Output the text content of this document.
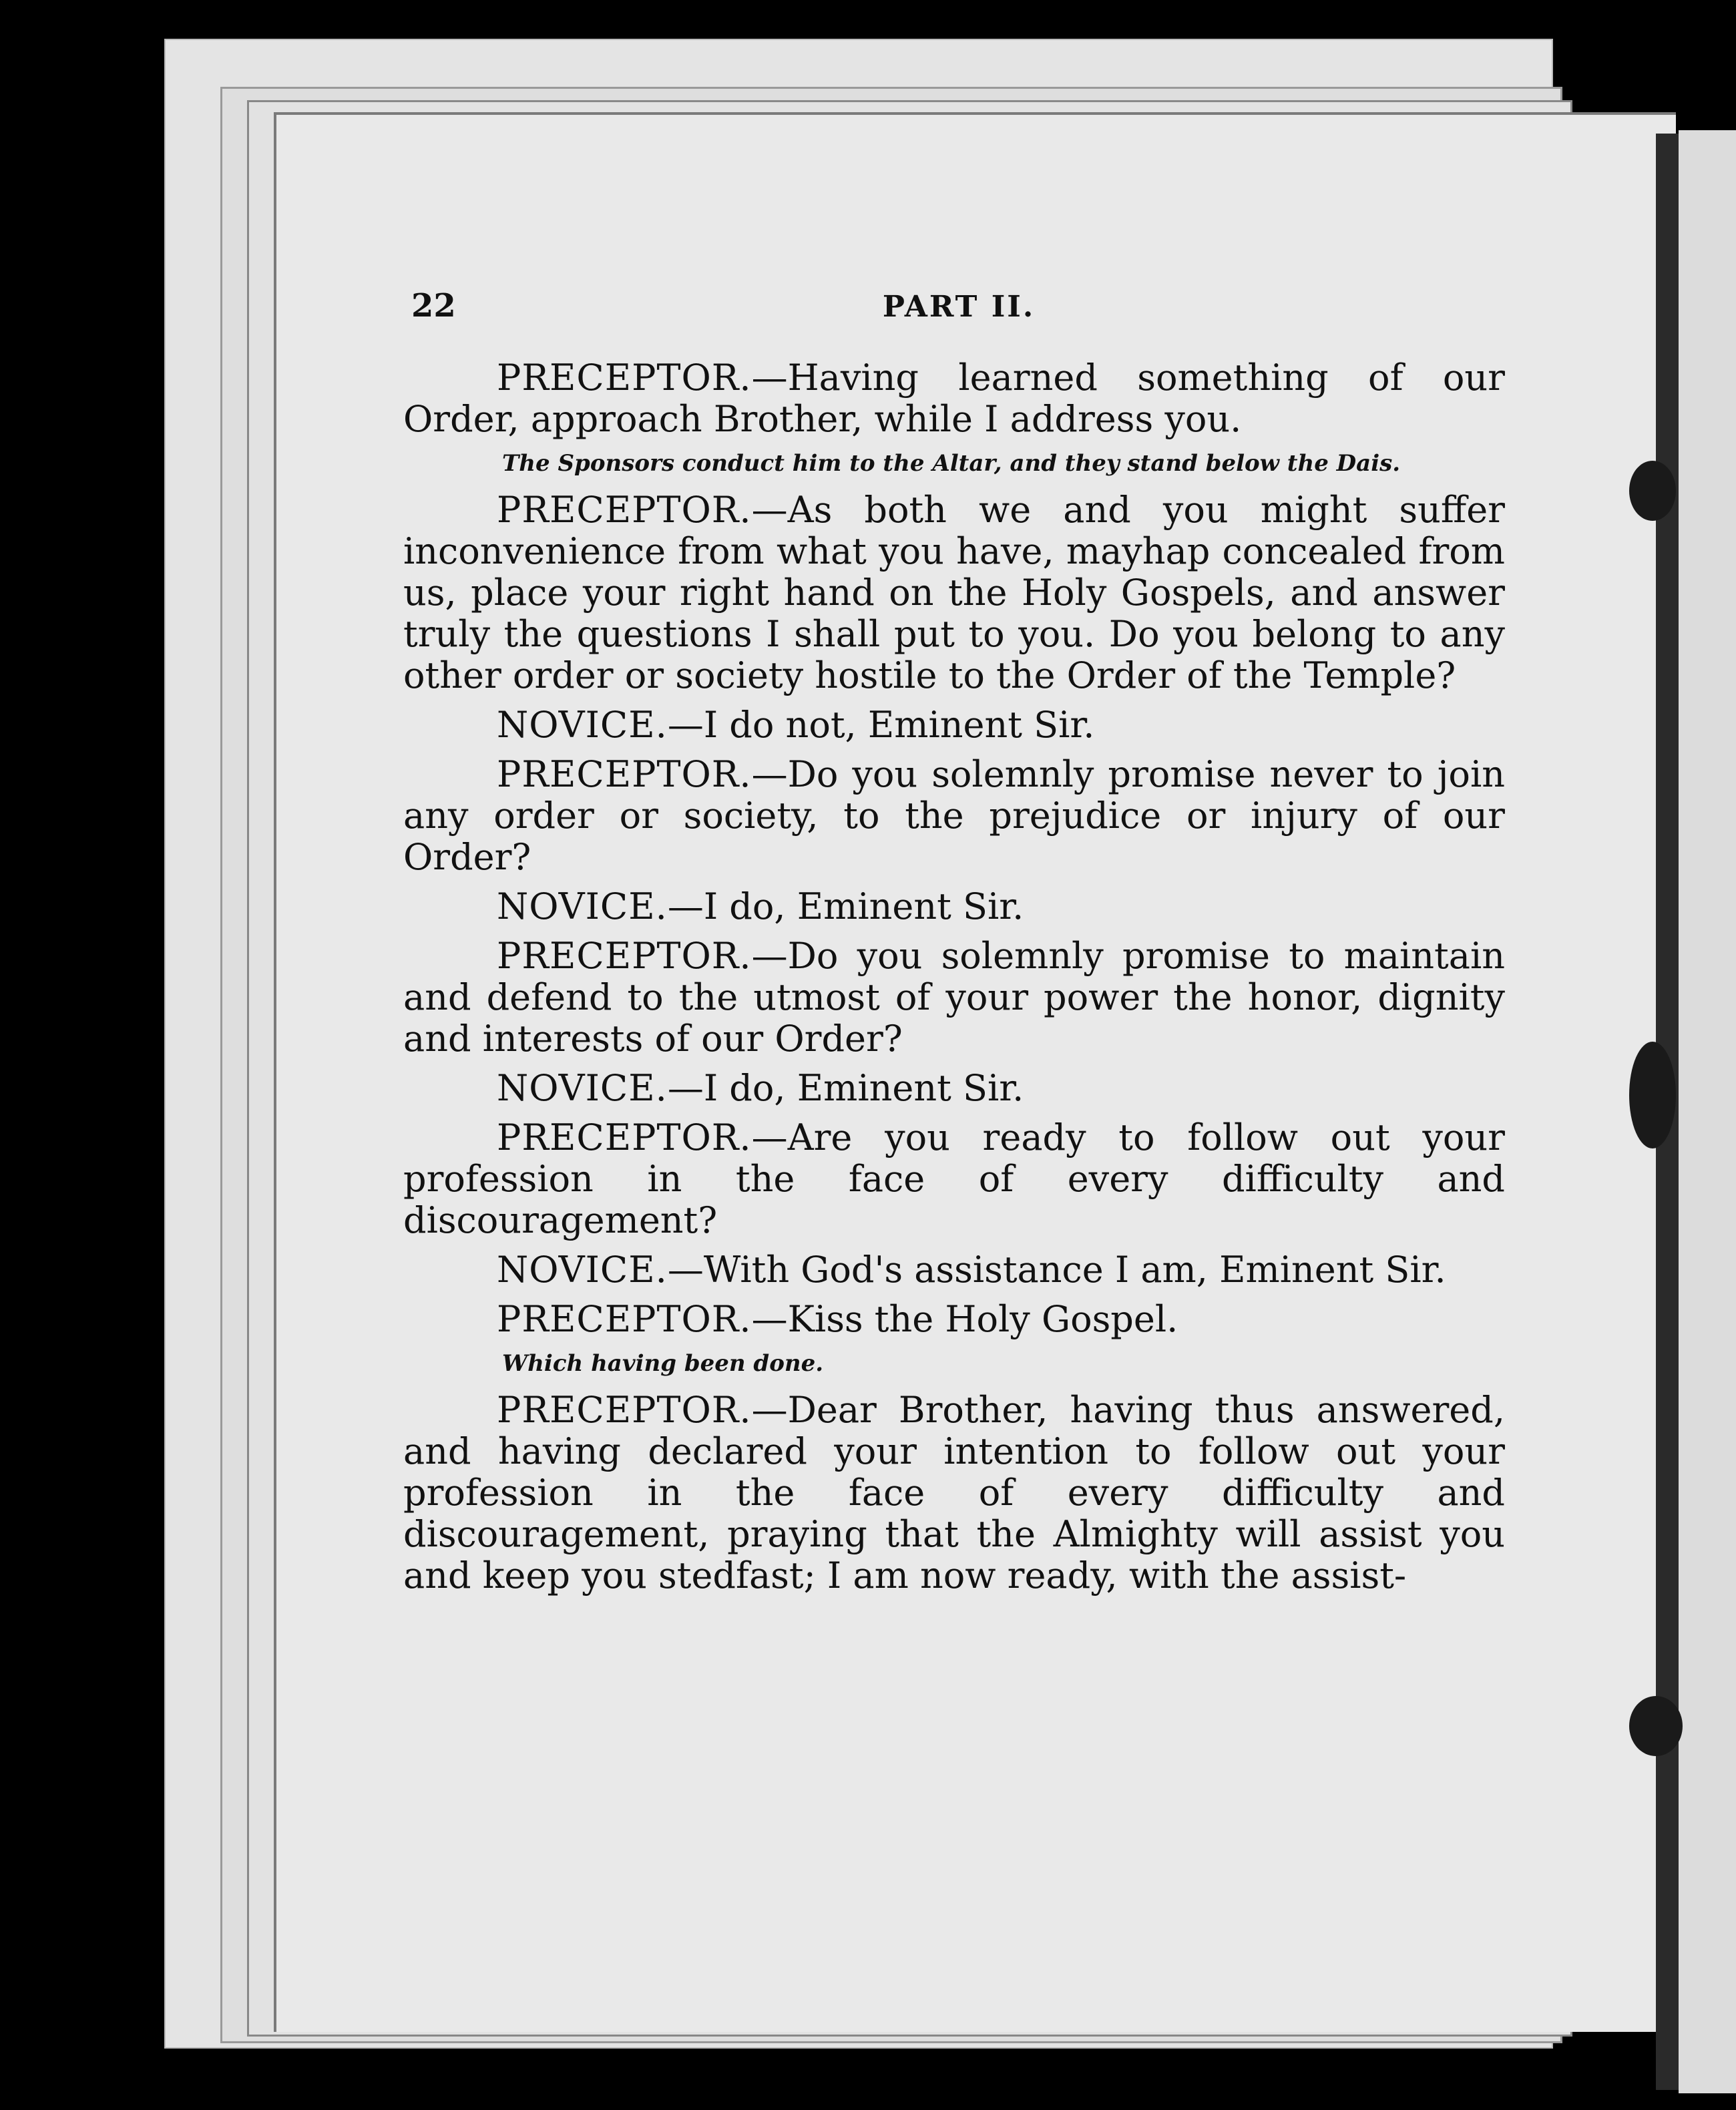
22	PART II.

PRECEPTOR.—Having learned something of our Order, approach Brother, while I address you.

The Sponsors conduct him to the Altar, and they stand below the Dais.

PRECEPTOR.—As both we and you might suffer inconvenience from what you have, mayhap concealed from us, place your right hand on the Holy Gospels, and answer truly the questions I shall put to you. Do you belong to any other order or society hostile to the Order of the Temple?

NOVICE.—I do not, Eminent Sir.

PRECEPTOR.—Do you solemnly promise never to join any order or society, to the prejudice or injury of our Order?

NOVICE.—I do, Eminent Sir.

PRECEPTOR.—Do you solemnly promise to maintain and defend to the utmost of your power the honor, dignity and interests of our Order?

NOVICE.—I do, Eminent Sir.

PRECEPTOR.—Are you ready to follow out your profession in the face of every difficulty and discouragement?

NOVICE.—With God's assistance I am, Eminent Sir.

PRECEPTOR.—Kiss the Holy Gospel.

Which having been done.

PRECEPTOR.—Dear Brother, having thus answered, and having declared your intention to follow out your profession in the face of every difficulty and discouragement, praying that the Almighty will assist you and keep you stedfast; I am now ready, with the assist-
